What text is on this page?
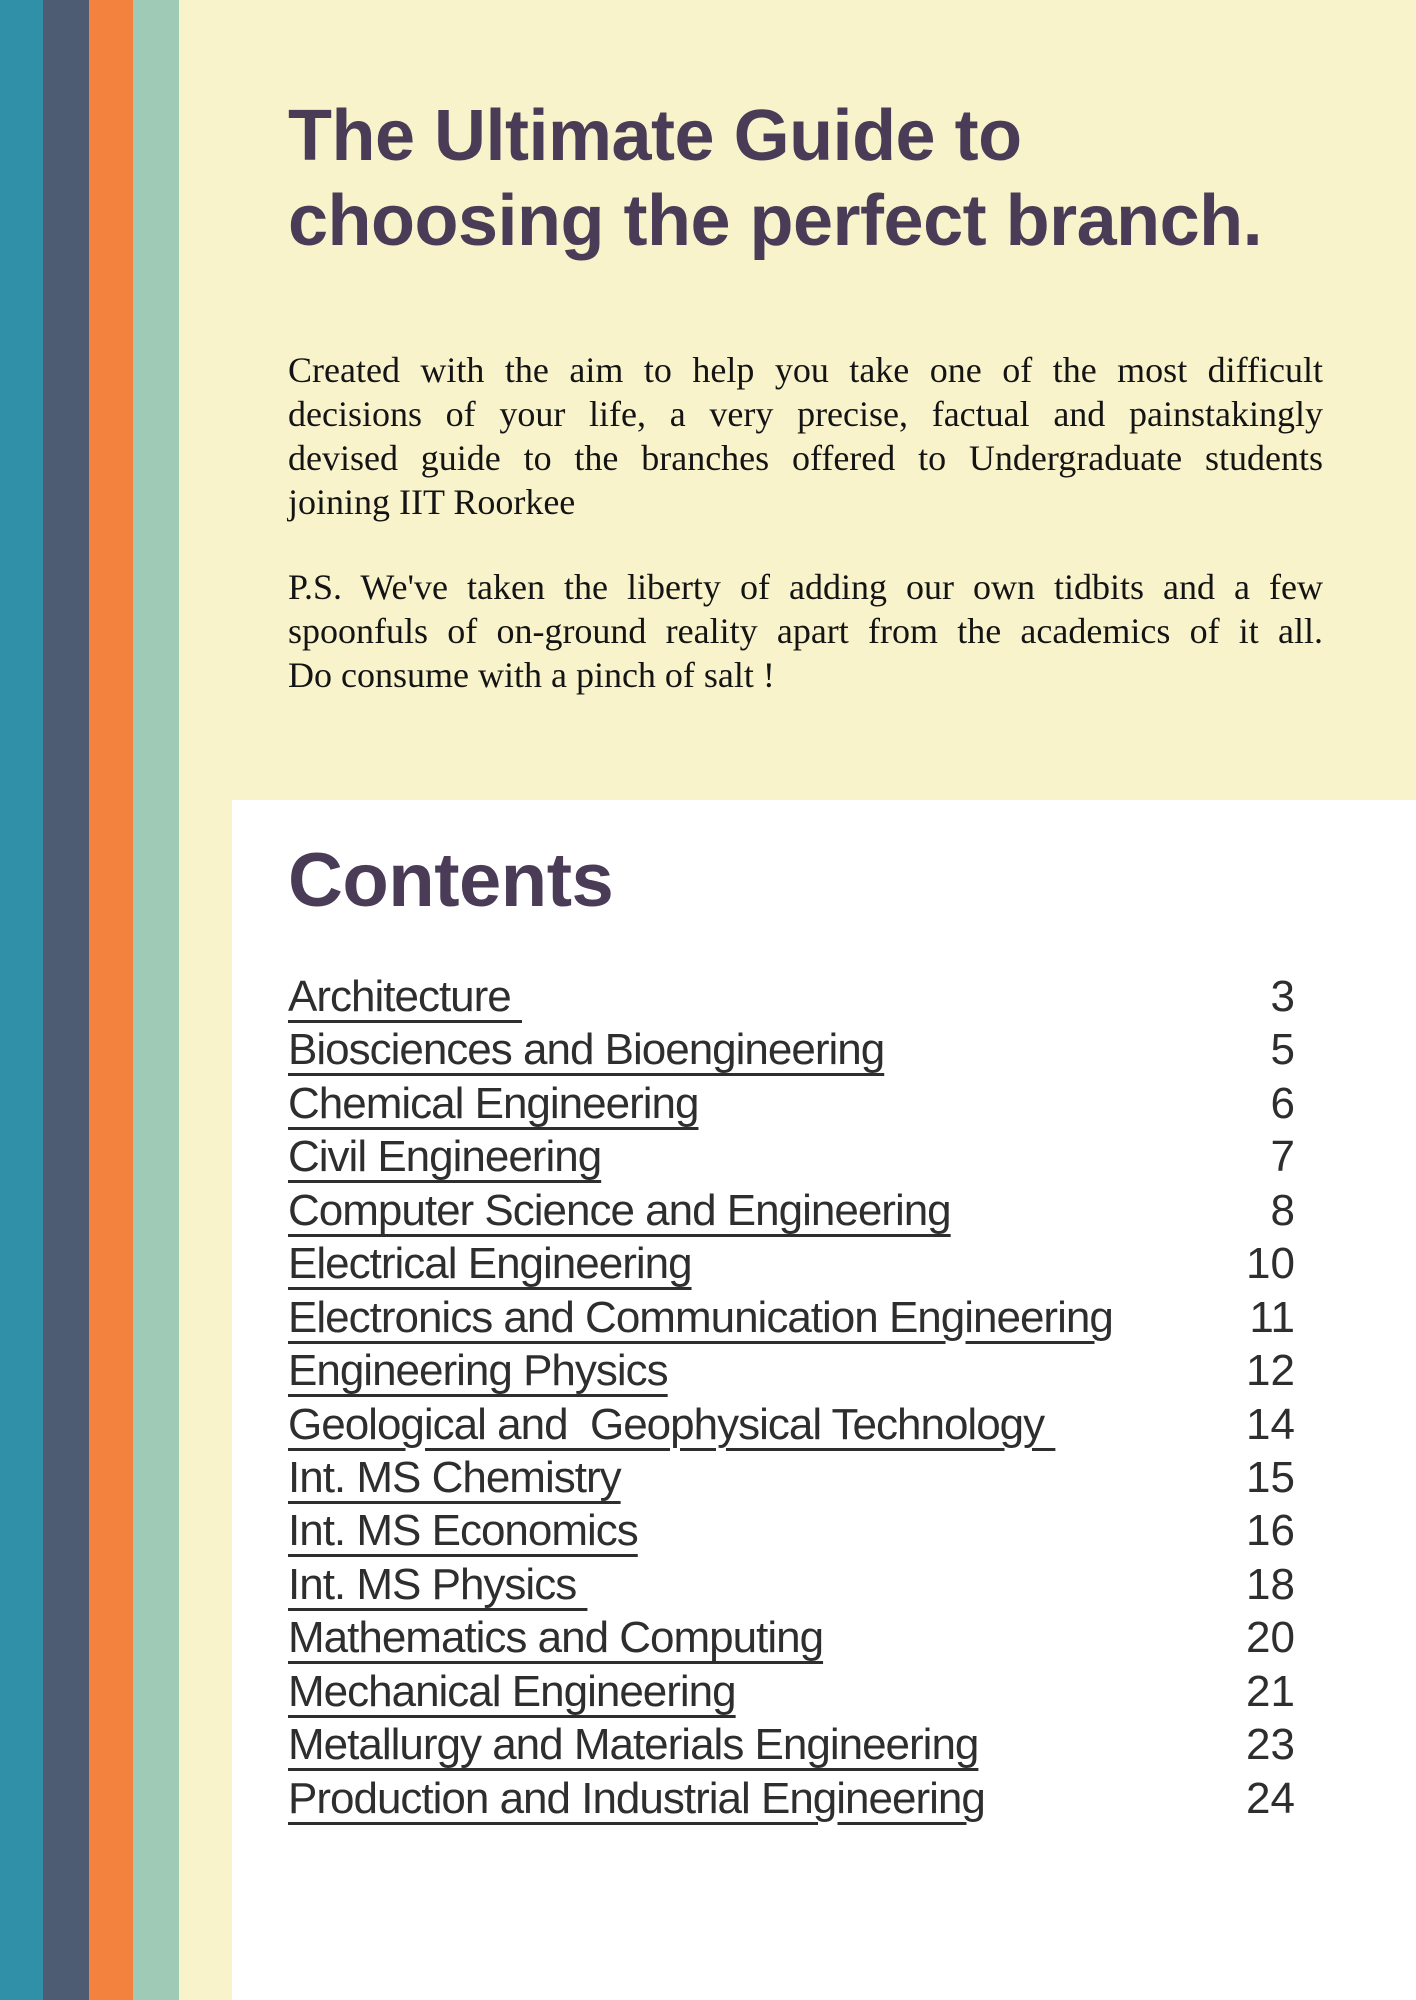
The Ultimate Guide to
choosing the perfect branch.
Created with the aim to help you take one of the most difficult
decisions of your life, a very precise, factual and painstakingly
devised guide to the branches offered to Undergraduate students
joining IIT Roorkee
P.S. We've taken the liberty of adding our own tidbits and a few
spoonfuls of on-ground reality apart from the academics of it all.
Do consume with a pinch of salt !
Contents
Architecture	3
Biosciences and Bioengineering	5
Chemical Engineering	6
Civil Engineering	7
Computer Science and Engineering	8
Electrical Engineering	10
Electronics and Communication Engineering	11
Engineering Physics	12
Geological and  Geophysical Technology	14
Int. MS Chemistry	15
Int. MS Economics	16
Int. MS Physics	18
Mathematics and Computing	20
Mechanical Engineering	21
Metallurgy and Materials Engineering	23
Production and Industrial Engineering	24
